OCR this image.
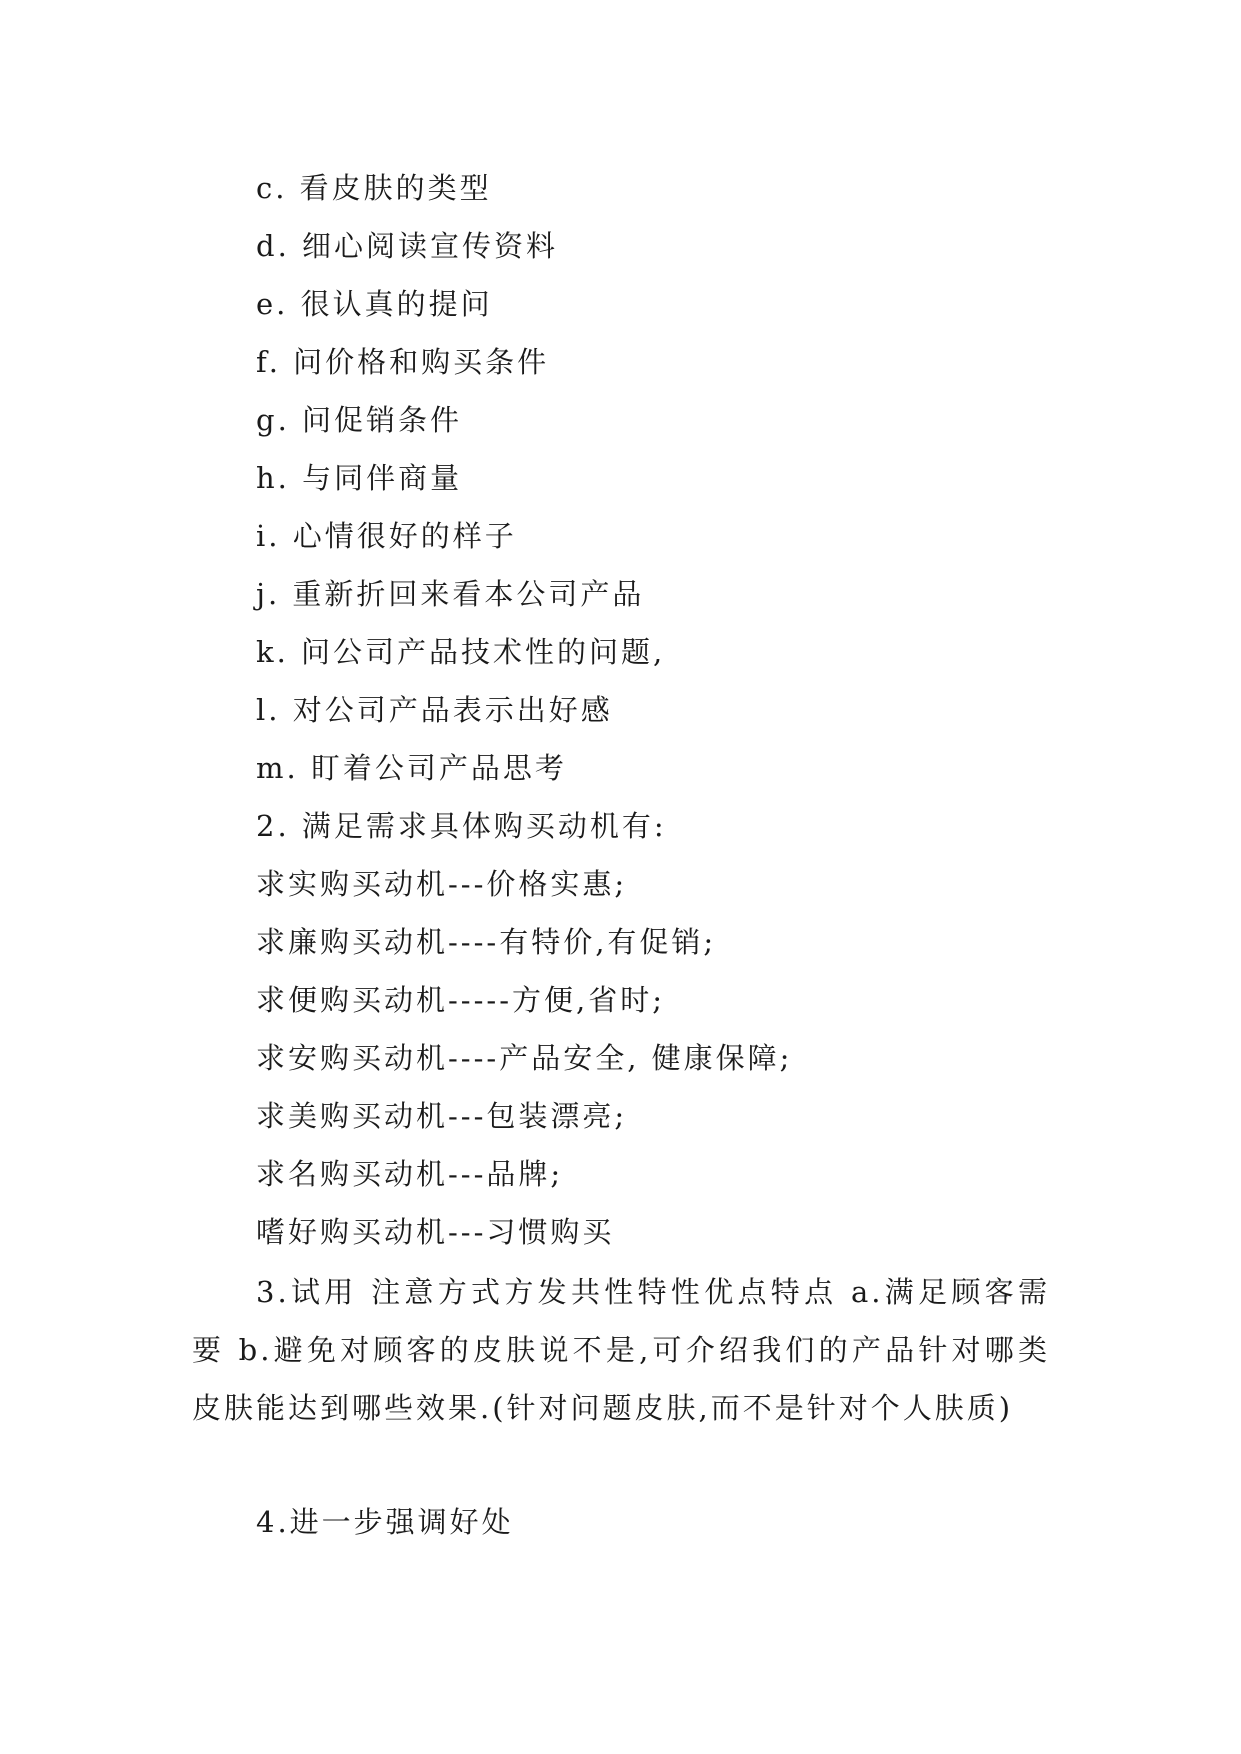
c. 看皮肤的类型
d. 细心阅读宣传资料
e. 很认真的提问
f. 问价格和购买条件
g. 问促销条件
h. 与同伴商量
i. 心情很好的样子
j. 重新折回来看本公司产品
k. 问公司产品技术性的问题,
l. 对公司产品表示出好感
m. 盯着公司产品思考
2. 满足需求具体购买动机有:
求实购买动机---价格实惠;
求廉购买动机----有特价,有促销;
求便购买动机-----方便,省时;
求安购买动机----产品安全, 健康保障;
求美购买动机---包装漂亮;
求名购买动机---品牌;
嗜好购买动机---习惯购买
3.试用 注意方式方发共性特性优点特点 a.满足顾客需要 b.避免对顾客的皮肤说不是,可介绍我们的产品针对哪类皮肤能达到哪些效果.(针对问题皮肤,而不是针对个人肤质)
4.进一步强调好处
